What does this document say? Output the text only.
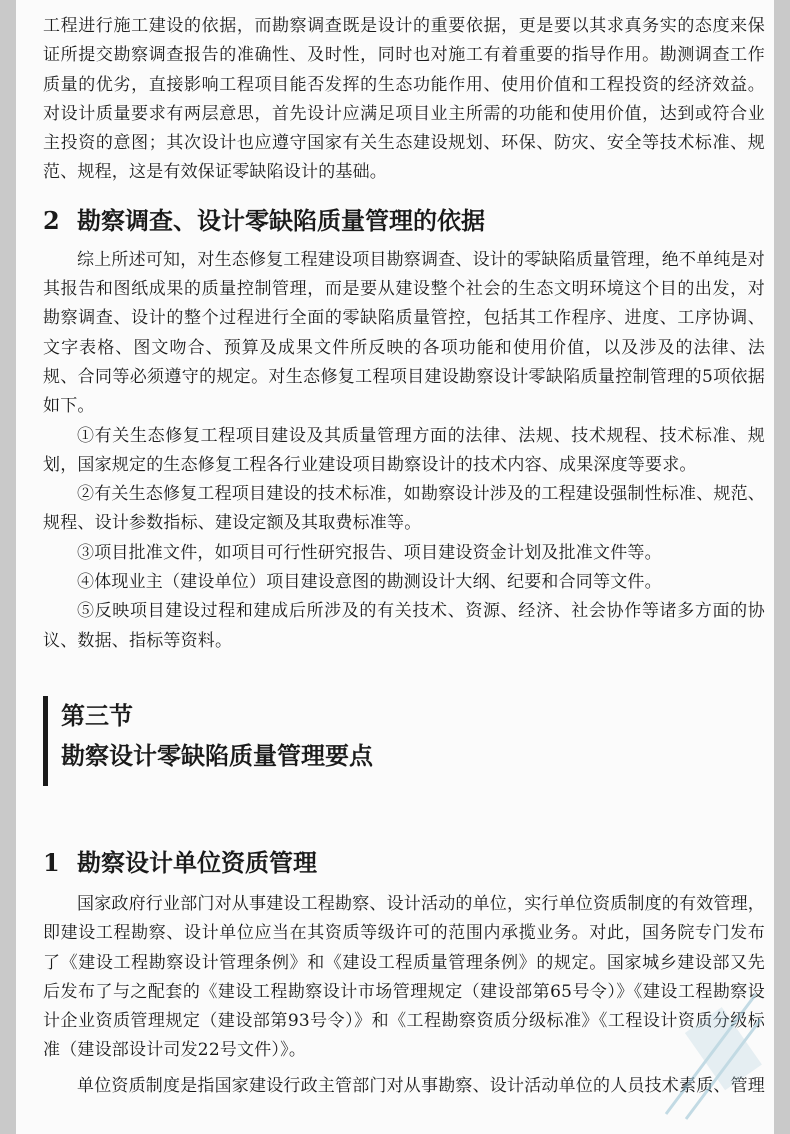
工程进行施工建设的依据，而勘察调查既是设计的重要依据，更是要以其求真务实的态度来保证所提交勘察调查报告的准确性、及时性，同时也对施工有着重要的指导作用。勘测调查工作质量的优劣，直接影响工程项目能否发挥的生态功能作用、使用价值和工程投资的经济效益。对设计质量要求有两层意思，首先设计应满足项目业主所需的功能和使用价值，达到或符合业主投资的意图；其次设计也应遵守国家有关生态建设规划、环保、防灾、安全等技术标准、规范、规程，这是有效保证零缺陷设计的基础。

2 勘察调查、设计零缺陷质量管理的依据

综上所述可知，对生态修复工程建设项目勘察调查、设计的零缺陷质量管理，绝不单纯是对其报告和图纸成果的质量控制管理，而是要从建设整个社会的生态文明环境这个目的出发，对勘察调查、设计的整个过程进行全面的零缺陷质量管控，包括其工作程序、进度、工序协调、文字表格、图文吻合、预算及成果文件所反映的各项功能和使用价值，以及涉及的法律、法规、合同等必须遵守的规定。对生态修复工程项目建设勘察设计零缺陷质量控制管理的5项依据如下。

①有关生态修复工程项目建设及其质量管理方面的法律、法规、技术规程、技术标准、规划，国家规定的生态修复工程各行业建设项目勘察设计的技术内容、成果深度等要求。

②有关生态修复工程项目建设的技术标准，如勘察设计涉及的工程建设强制性标准、规范、规程、设计参数指标、建设定额及其取费标准等。

③项目批准文件，如项目可行性研究报告、项目建设资金计划及批准文件等。

④体现业主（建设单位）项目建设意图的勘测设计大纲、纪要和合同等文件。

⑤反映项目建设过程和建成后所涉及的有关技术、资源、经济、社会协作等诸多方面的协议、数据、指标等资料。

第三节
勘察设计零缺陷质量管理要点
1 勘察设计单位资质管理

国家政府行业部门对从事建设工程勘察、设计活动的单位，实行单位资质制度的有效管理，即建设工程勘察、设计单位应当在其资质等级许可的范围内承揽业务。对此，国务院专门发布了《建设工程勘察设计管理条例》和《建设工程质量管理条例》的规定。国家城乡建设部又先后发布了与之配套的《建设工程勘察设计市场管理规定（建设部第65号令）》《建设工程勘察设计企业资质管理规定（建设部第93号令）》和《工程勘察资质分级标准》《工程设计资质分级标准（建设部设计司发22号文件）》。

单位资质制度是指国家建设行政主管部门对从事勘察、设计活动单位的人员技术素质、管理
